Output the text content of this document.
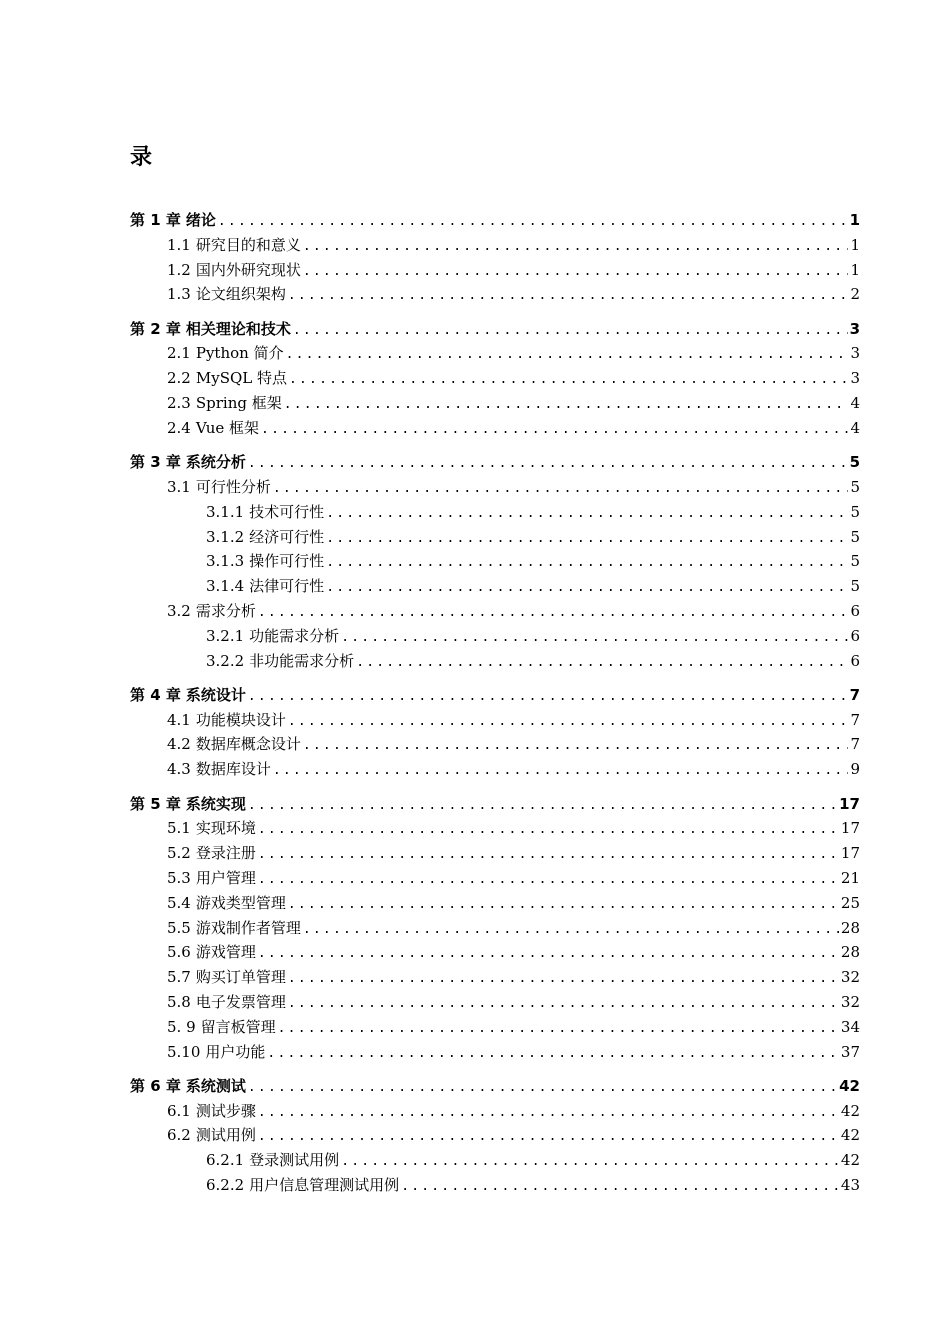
录
第 1 章 绪论 .....	1
1.1 研究目的和意义 .....	1
1.2 国内外研究现状 .....	1
1.3 论文组织架构 .....	2
第 2 章 相关理论和技术 .....	3
2.1 Python 简介 .....	3
2.2 MySQL 特点 .....	3
2.3 Spring 框架 .....	4
2.4 Vue 框架 .....	4
第 3 章 系统分析 .....	5
3.1 可行性分析 .....	5
3.1.1 技术可行性 .....	5
3.1.2 经济可行性 .....	5
3.1.3 操作可行性 .....	5
3.1.4 法律可行性 .....	5
3.2 需求分析 .....	6
3.2.1 功能需求分析 .....	6
3.2.2 非功能需求分析 .....	6
第 4 章 系统设计 .....	7
4.1 功能模块设计 .....	7
4.2 数据库概念设计 .....	7
4.3 数据库设计 .....	9
第 5 章 系统实现 .....	17
5.1 实现环境 .....	17
5.2 登录注册 .....	17
5.3 用户管理 .....	21
5.4 游戏类型管理 .....	25
5.5 游戏制作者管理 .....	28
5.6 游戏管理 .....	28
5.7 购买订单管理 .....	32
5.8 电子发票管理 .....	32
5. 9 留言板管理 .....	34
5.10 用户功能 .....	37
第 6 章 系统测试 .....	42
6.1 测试步骤 .....	42
6.2 测试用例 .....	42
6.2.1 登录测试用例 .....	42
6.2.2 用户信息管理测试用例 .....	43
